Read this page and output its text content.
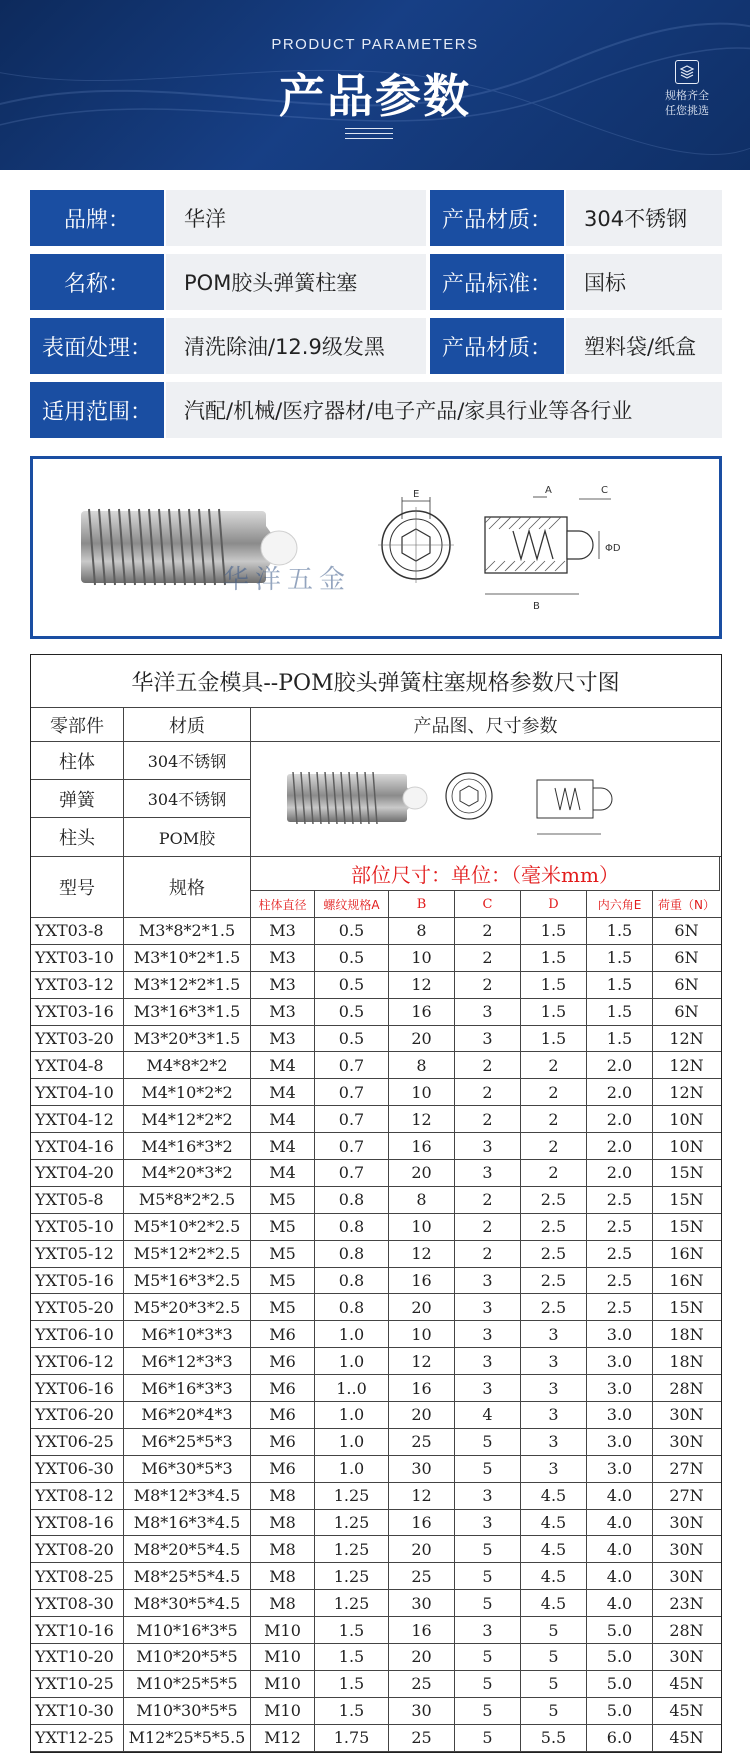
PRODUCT PARAMETERS
产品参数	规格齐全
任您挑选
品牌：	华洋	产品材质：	304不锈钢
名称：	POM胶头弹簧柱塞	产品标准：	国标
表面处理：	清洗除油/12.9级发黑	产品材质：	塑料袋/纸盒
适用范围：	汽配/机械/医疗器材/电子产品/家具行业等各行业
E
B
A	C
ΦD
华洋五金
华洋五金模具--POM胶头弹簧柱塞规格参数尺寸图
零部件	材质
柱体	304不锈钢
弹簧	304不锈钢
柱头	POM胶
产品图、尺寸参数
型号	规格
部位尺寸：单位：（毫米mm）
柱体直径	螺纹规格A	B	C	D	内六角E	荷重（N）
YXT03-8	M3*8*2*1.5	M3	0.5	8	2	1.5	1.5	6N
YXT03-10	M3*10*2*1.5	M3	0.5	10	2	1.5	1.5	6N
YXT03-12	M3*12*2*1.5	M3	0.5	12	2	1.5	1.5	6N
YXT03-16	M3*16*3*1.5	M3	0.5	16	3	1.5	1.5	6N
YXT03-20	M3*20*3*1.5	M3	0.5	20	3	1.5	1.5	12N
YXT04-8	M4*8*2*2	M4	0.7	8	2	2	2.0	12N
YXT04-10	M4*10*2*2	M4	0.7	10	2	2	2.0	12N
YXT04-12	M4*12*2*2	M4	0.7	12	2	2	2.0	10N
YXT04-16	M4*16*3*2	M4	0.7	16	3	2	2.0	10N
YXT04-20	M4*20*3*2	M4	0.7	20	3	2	2.0	15N
YXT05-8	M5*8*2*2.5	M5	0.8	8	2	2.5	2.5	15N
YXT05-10	M5*10*2*2.5	M5	0.8	10	2	2.5	2.5	15N
YXT05-12	M5*12*2*2.5	M5	0.8	12	2	2.5	2.5	16N
YXT05-16	M5*16*3*2.5	M5	0.8	16	3	2.5	2.5	16N
YXT05-20	M5*20*3*2.5	M5	0.8	20	3	2.5	2.5	15N
YXT06-10	M6*10*3*3	M6	1.0	10	3	3	3.0	18N
YXT06-12	M6*12*3*3	M6	1.0	12	3	3	3.0	18N
YXT06-16	M6*16*3*3	M6	1..0	16	3	3	3.0	28N
YXT06-20	M6*20*4*3	M6	1.0	20	4	3	3.0	30N
YXT06-25	M6*25*5*3	M6	1.0	25	5	3	3.0	30N
YXT06-30	M6*30*5*3	M6	1.0	30	5	3	3.0	27N
YXT08-12	M8*12*3*4.5	M8	1.25	12	3	4.5	4.0	27N
YXT08-16	M8*16*3*4.5	M8	1.25	16	3	4.5	4.0	30N
YXT08-20	M8*20*5*4.5	M8	1.25	20	5	4.5	4.0	30N
YXT08-25	M8*25*5*4.5	M8	1.25	25	5	4.5	4.0	30N
YXT08-30	M8*30*5*4.5	M8	1.25	30	5	4.5	4.0	23N
YXT10-16	M10*16*3*5	M10	1.5	16	3	5	5.0	28N
YXT10-20	M10*20*5*5	M10	1.5	20	5	5	5.0	30N
YXT10-25	M10*25*5*5	M10	1.5	25	5	5	5.0	45N
YXT10-30	M10*30*5*5	M10	1.5	30	5	5	5.0	45N
YXT12-25 M12*25*5*5.5	M12	1.75	25	5	5.5	6.0	45N
